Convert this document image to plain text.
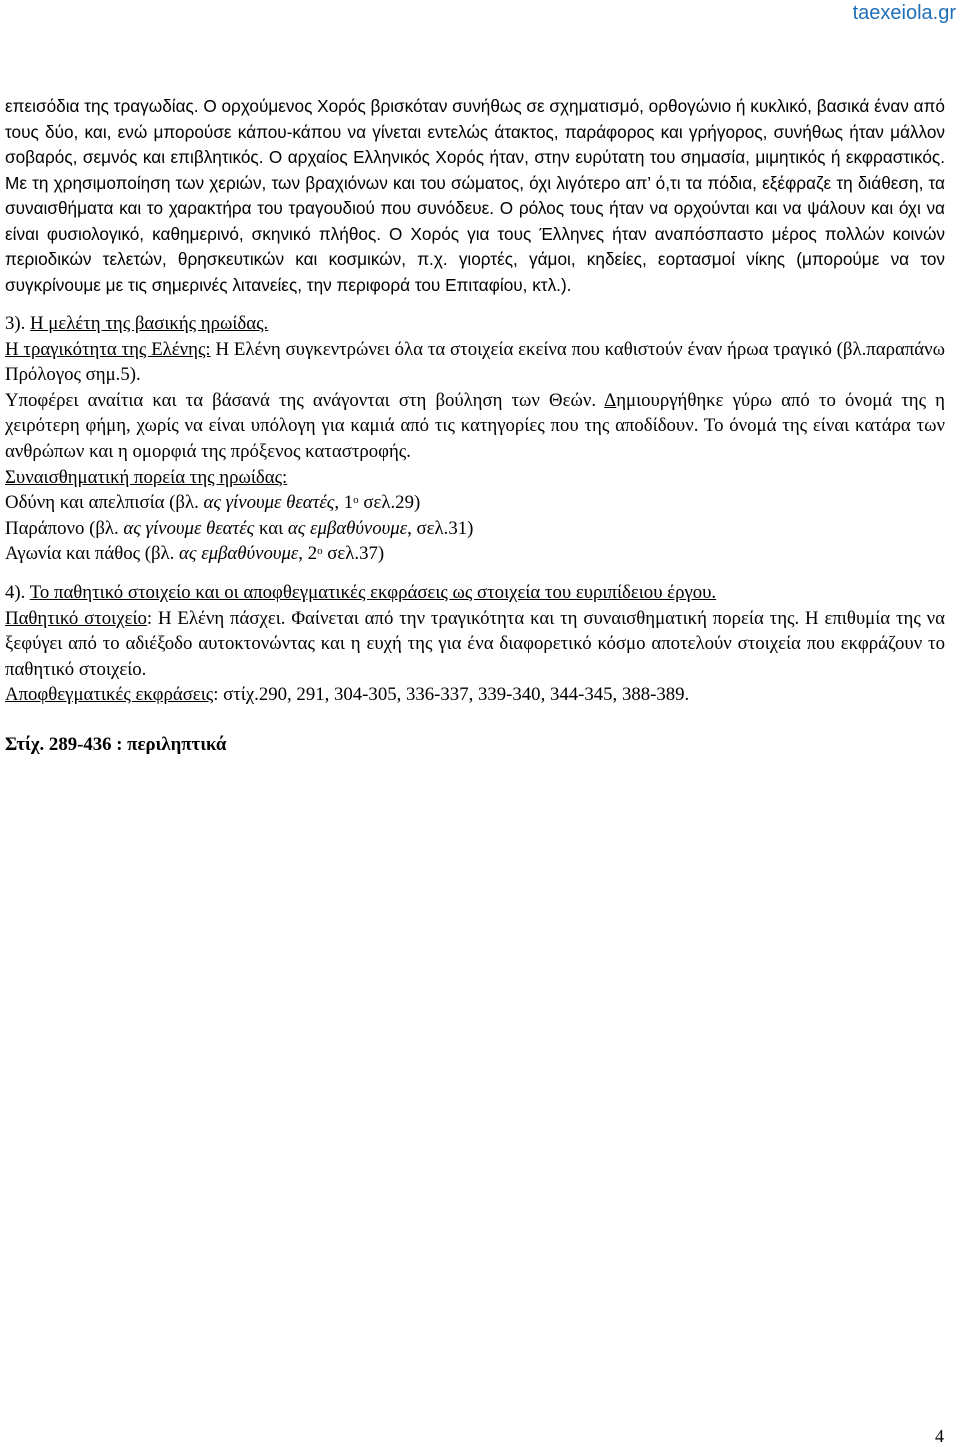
taexeiola.gr

επεισόδια της τραγωδίας. Ο ορχούμενος Χορός βρισκόταν συνήθως σε σχηματισμό, ορθογώνιο ή κυκλικό, βασικά έναν από τους δύο, και, ενώ μπορούσε κάπου-κάπου να γίνεται εντελώς άτακτος, παράφορος και γρήγορος, συνήθως ήταν μάλλον σοβαρός, σεμνός και επιβλητικός. Ο αρχαίος Ελληνικός Χορός ήταν, στην ευρύτατη του σημασία, μιμητικός ή εκφραστικός. Με τη χρησιμοποίηση των χεριών, των βραχιόνων και του σώματος, όχι λιγότερο απ’ ό,τι τα πόδια, εξέφραζε τη διάθεση, τα συναισθήματα και το χαρακτήρα του τραγουδιού που συνόδευε. Ο ρόλος τους ήταν να ορχούνται και να ψάλουν και όχι να είναι φυσιολογικό, καθημερινό, σκηνικό πλήθος. Ο Χορός για τους Έλληνες ήταν αναπόσπαστο μέρος πολλών κοινών περιοδικών τελετών, θρησκευτικών και κοσμικών, π.χ. γιορτές, γάμοι, κηδείες, εορτασμοί νίκης (μπορούμε να τον συγκρίνουμε με τις σημερινές λιτανείες, την περιφορά του Επιταφίου, κτλ.).

3). Η μελέτη της βασικής ηρωίδας.

Η τραγικότητα της Ελένης: Η Ελένη συγκεντρώνει όλα τα στοιχεία εκείνα που καθιστούν έναν ήρωα τραγικό (βλ.παραπάνω Πρόλογος σημ.5).

Υποφέρει αναίτια και τα βάσανά της ανάγονται στη βούληση των Θεών. Δημιουργήθηκε γύρω από το όνομά της η χειρότερη φήμη, χωρίς να είναι υπόλογη για καμιά από τις κατηγορίες που της αποδίδουν. Το όνομά της είναι κατάρα των ανθρώπων και η ομορφιά της πρόξενος καταστροφής.

Συναισθηματική πορεία της ηρωίδας:

Οδύνη και απελπισία (βλ. ας γίνουμε θεατές, $1^o$ σελ.29)

Παράπονο (βλ. ας γίνουμε θεατές και ας εμβαθύνουμε, σελ.31)

Αγωνία και πάθος (βλ. ας εμβαθύνουμε, $2^o$ σελ.37)

4). Το παθητικό στοιχείο και οι αποφθεγματικές εκφράσεις ως στοιχεία του ευριπίδειου έργου.

Παθητικό στοιχείο: Η Ελένη πάσχει. Φαίνεται από την τραγικότητα και τη συναισθηματική πορεία της. Η επιθυμία της να ξεφύγει από το αδιέξοδο αυτοκτονώντας και η ευχή της για ένα διαφορετικό κόσμο αποτελούν στοιχεία που εκφράζουν το παθητικό στοιχείο.

Αποφθεγματικές εκφράσεις: στίχ.290, 291, 304-305, 336-337, 339-340, 344-345, 388-389.

Στίχ. 289-436 : περιληπτικά

4
